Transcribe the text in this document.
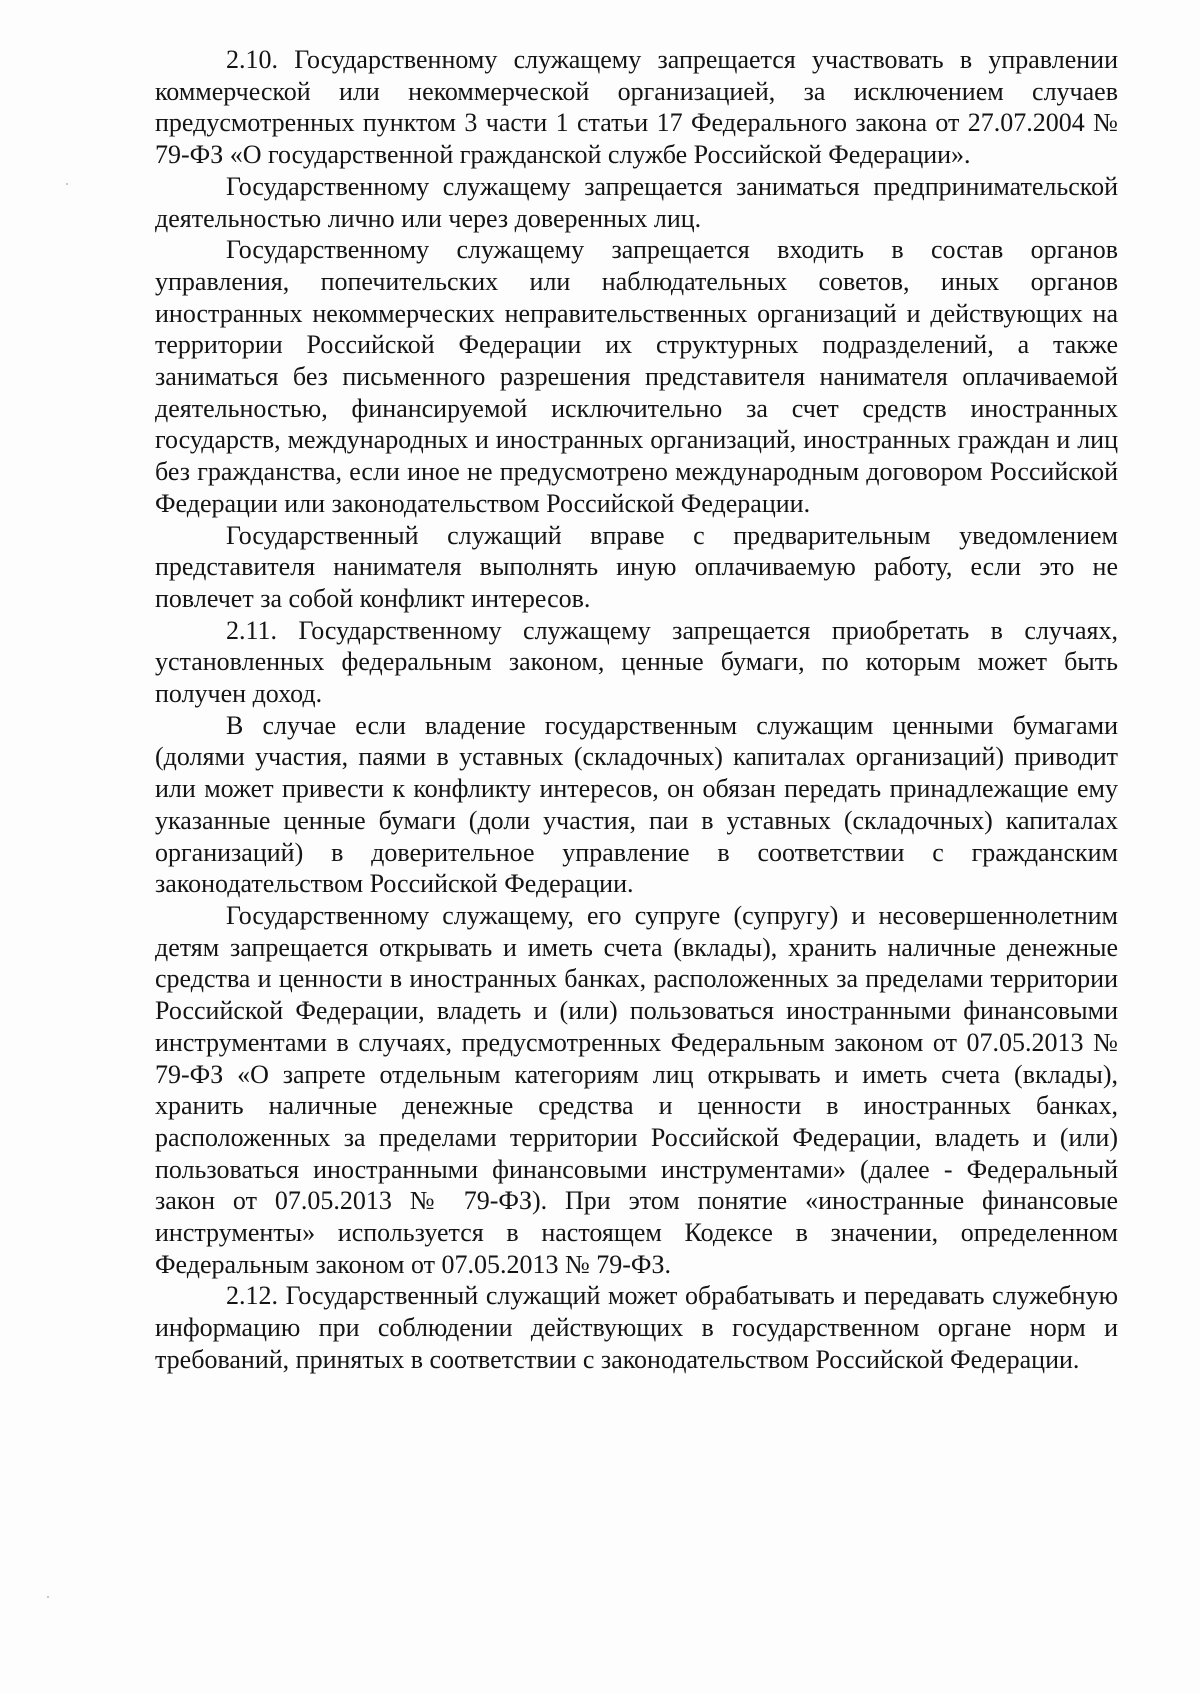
2.10. Государственному служащему запрещается участвовать в управлении коммерческой или некоммерческой организацией, за исключением случаев предусмотренных пунктом 3 части 1 статьи 17 Федерального закона от 27.07.2004 № 79-ФЗ «О государственной гражданской службе Российской Федерации».

Государственному служащему запрещается заниматься предпринимательской деятельностью лично или через доверенных лиц.

Государственному служащему запрещается входить в состав органов управления, попечительских или наблюдательных советов, иных органов иностранных некоммерческих неправительственных организаций и действующих на территории Российской Федерации их структурных подразделений, а также заниматься без письменного разрешения представителя нанимателя оплачиваемой деятельностью, финансируемой исключительно за счет средств иностранных государств, международных и иностранных организаций, иностранных граждан и лиц без гражданства, если иное не предусмотрено международным договором Российской Федерации или законодательством Российской Федерации.

Государственный служащий вправе с предварительным уведомлением представителя нанимателя выполнять иную оплачиваемую работу, если это не повлечет за собой конфликт интересов.

2.11. Государственному служащему запрещается приобретать в случаях, установленных федеральным законом, ценные бумаги, по которым может быть получен доход.

В случае если владение государственным служащим ценными бумагами (долями участия, паями в уставных (складочных) капиталах организаций) приводит или может привести к конфликту интересов, он обязан передать принадлежащие ему указанные ценные бумаги (доли участия, паи в уставных (складочных) капиталах организаций) в доверительное управление в соответствии с гражданским законодательством Российской Федерации.

Государственному служащему, его супруге (супругу) и несовершеннолетним детям запрещается открывать и иметь счета (вклады), хранить наличные денежные средства и ценности в иностранных банках, расположенных за пределами территории Российской Федерации, владеть и (или) пользоваться иностранными финансовыми инструментами в случаях, предусмотренных Федеральным законом от 07.05.2013 № 79-ФЗ «О запрете отдельным категориям лиц открывать и иметь счета (вклады), хранить наличные денежные средства и ценности в иностранных банках, расположенных за пределами территории Российской Федерации, владеть и (или) пользоваться иностранными финансовыми инструментами» (далее - Федеральный закон от 07.05.2013 № 79-ФЗ). При этом понятие «иностранные финансовые инструменты» используется в настоящем Кодексе в значении, определенном Федеральным законом от 07.05.2013 № 79-ФЗ.

2.12. Государственный служащий может обрабатывать и передавать служебную информацию при соблюдении действующих в государственном органе норм и требований, принятых в соответствии с законодательством Российской Федерации.
